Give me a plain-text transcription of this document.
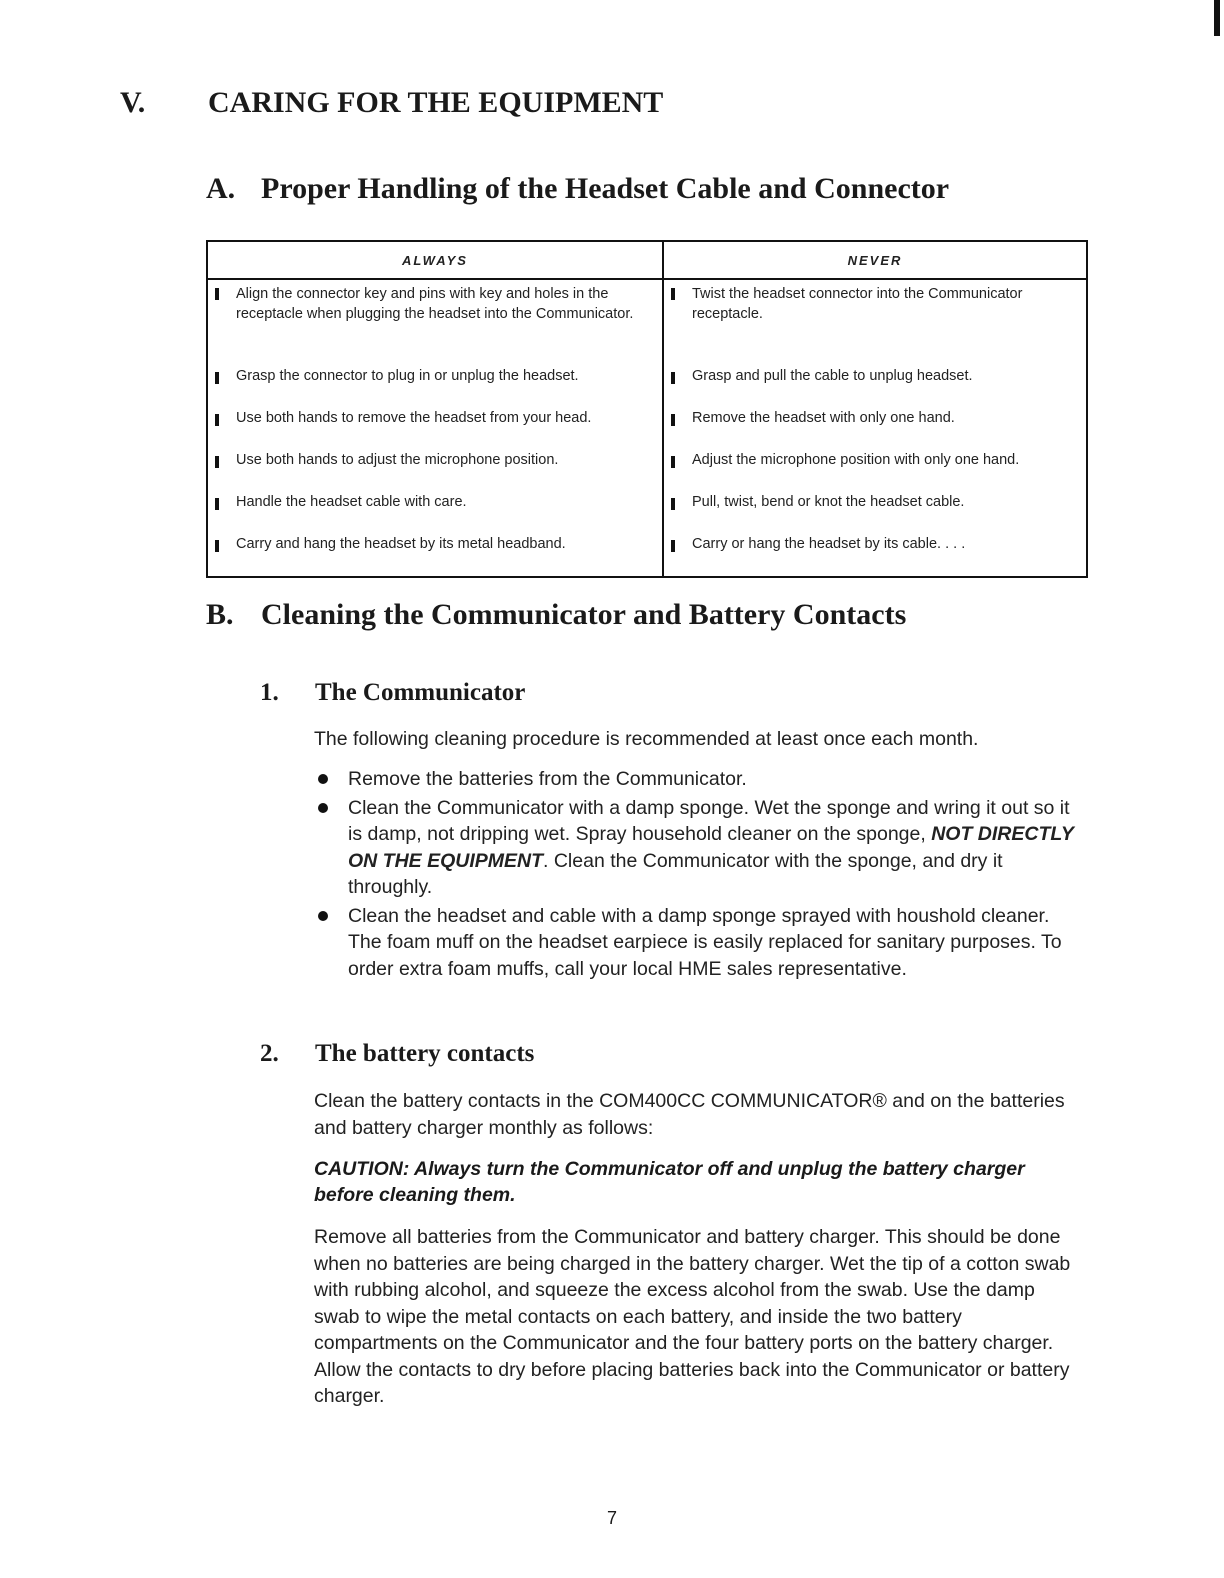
V. CARING FOR THE EQUIPMENT
A. Proper Handling of the Headset Cable and Connector
ALWAYS	NEVER

Align the connector key and pins with key and holes in the receptacle when plugging the headset into the Communicator.	Twist the headset connector into the Communicator receptacle.

Grasp the connector to plug in or unplug the headset.	Grasp and pull the cable to unplug headset.

Use both hands to remove the headset from your head.	Remove the headset with only one hand.

Use both hands to adjust the microphone position.	Adjust the microphone position with only one hand.

Handle the headset cable with care.	Pull, twist, bend or knot the headset cable.

Carry and hang the headset by its metal headband.	Carry or hang the headset by its cable. . . .
B. Cleaning the Communicator and Battery Contacts
1. The Communicator
The following cleaning procedure is recommended at least once each month.
Remove the batteries from the Communicator.
Clean the Communicator with a damp sponge. Wet the sponge and wring it out so it is damp, not dripping wet. Spray household cleaner on the sponge, NOT DIRECTLY ON THE EQUIPMENT. Clean the Communicator with the sponge, and dry it throughly.
Clean the headset and cable with a damp sponge sprayed with houshold cleaner. The foam muff on the headset earpiece is easily replaced for sanitary purposes. To order extra foam muffs, call your local HME sales representative.
2. The battery contacts
Clean the battery contacts in the COM400CC COMMUNICATOR® and on the batteries and battery charger monthly as follows:
CAUTION: Always turn the Communicator off and unplug the battery charger before cleaning them.
Remove all batteries from the Communicator and battery charger. This should be done when no batteries are being charged in the battery charger. Wet the tip of a cotton swab with rubbing alcohol, and squeeze the excess alcohol from the swab. Use the damp swab to wipe the metal contacts on each battery, and inside the two battery compartments on the Communicator and the four battery ports on the battery charger. Allow the contacts to dry before placing batteries back into the Communicator or battery charger.
7
